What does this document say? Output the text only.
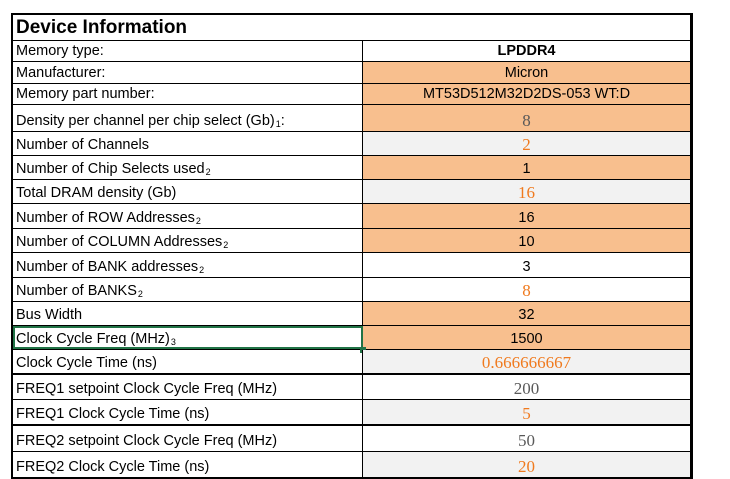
Device Information
Memory type:	LPDDR4
Manufacturer:	Micron
Memory part number:	MT53D512M32D2DS-053 WT:D
Density per channel per chip select $(Gb)_1$ :	8
Number of Channels	2
Number of Chip Selects used$_2$	1
Total DRAM density (Gb)	16
Number of ROW Addresses$_2$	16
Number of COLUMN Addresses$_2$	10
Number of BANK addresses$_2$	3
Number of $BANKS_2$	8
Bus Width	32
Clock Cycle Freq $(MHz)_3$	1500
Clock Cycle Time (ns)	0.666666667
FREQ1 setpoint Clock Cycle Freq (MHz)	200
FREQ1 Clock Cycle Time (ns)	5
FREQ2 setpoint Clock Cycle Freq (MHz)	50
FREQ2 Clock Cycle Time (ns)	20
